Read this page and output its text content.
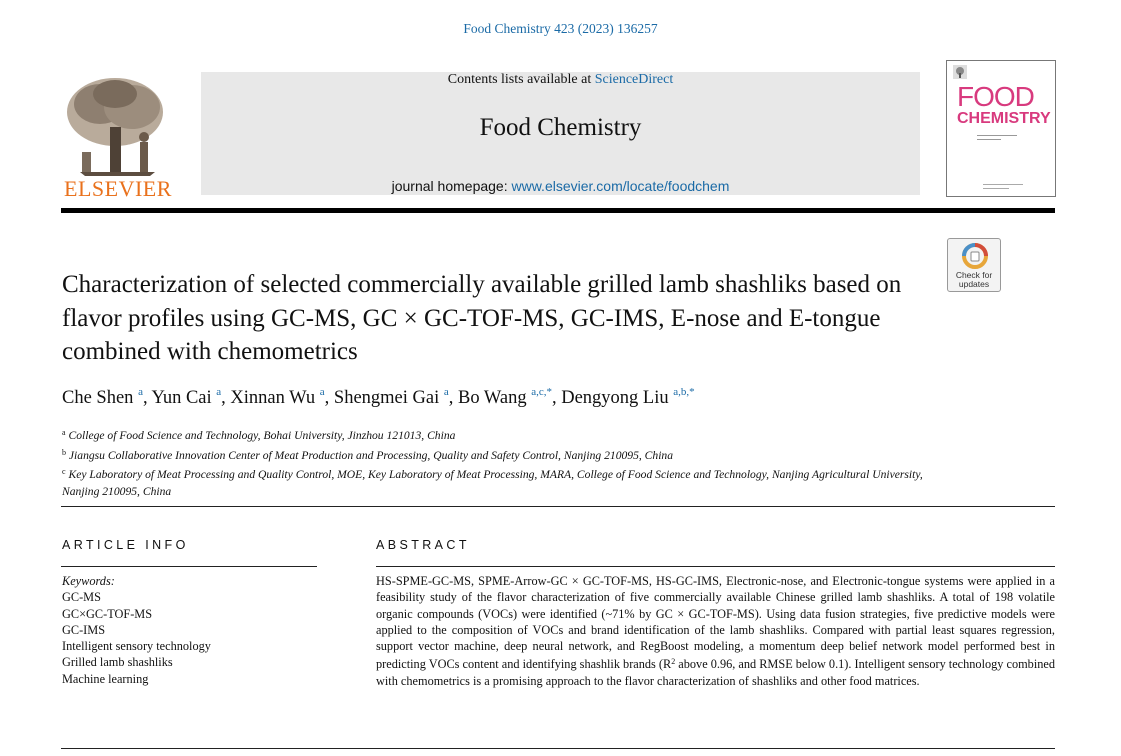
Food Chemistry 423 (2023) 136257
ELSEVIER
Contents lists available at ScienceDirect
Food Chemistry
journal homepage: www.elsevier.com/locate/foodchem
FOOD
CHEMISTRY
Check for
updates
Characterization of selected commercially available grilled lamb shashliks based on flavor profiles using GC-MS, GC × GC-TOF-MS, GC-IMS, E-nose and E-tongue combined with chemometrics
Che Shen $^a$, Yun Cai $^a$, Xinnan Wu $^a$, Shengmei Gai $^a$, Bo Wang $^{a,c,*}$, Dengyong Liu $^{a,b,*}$
$^a$ College of Food Science and Technology, Bohai University, Jinzhou 121013, China
$^b$ Jiangsu Collaborative Innovation Center of Meat Production and Processing, Quality and Safety Control, Nanjing 210095, China
$^c$ Key Laboratory of Meat Processing and Quality Control, MOE, Key Laboratory of Meat Processing, MARA, College of Food Science and Technology, Nanjing Agricultural University, Nanjing 210095, China
ARTICLE INFO	ABSTRACT
Keywords:
GC-MS
GC×GC-TOF-MS
GC-IMS
Intelligent sensory technology
Grilled lamb shashliks
Machine learning
HS-SPME-GC-MS, SPME-Arrow-GC × GC-TOF-MS, HS-GC-IMS, Electronic-nose, and Electronic-tongue systems were applied in a feasibility study of the flavor characterization of five commercially available Chinese grilled lamb shashliks. A total of 198 volatile organic compounds (VOCs) were identified (~71% by GC × GC-TOF-MS). Using data fusion strategies, five predictive models were applied to the composition of VOCs and brand identification of the lamb shashliks. Compared with partial least squares regression, support vector machine, deep neural network, and RegBoost modeling, a momentum deep belief network model performed best in predicting VOCs content and identifying shashlik brands ($R^2$ above 0.96, and RMSE below 0.1). Intelligent sensory technology combined with chemometrics is a promising approach to the flavor characterization of shashliks and other food matrices.
